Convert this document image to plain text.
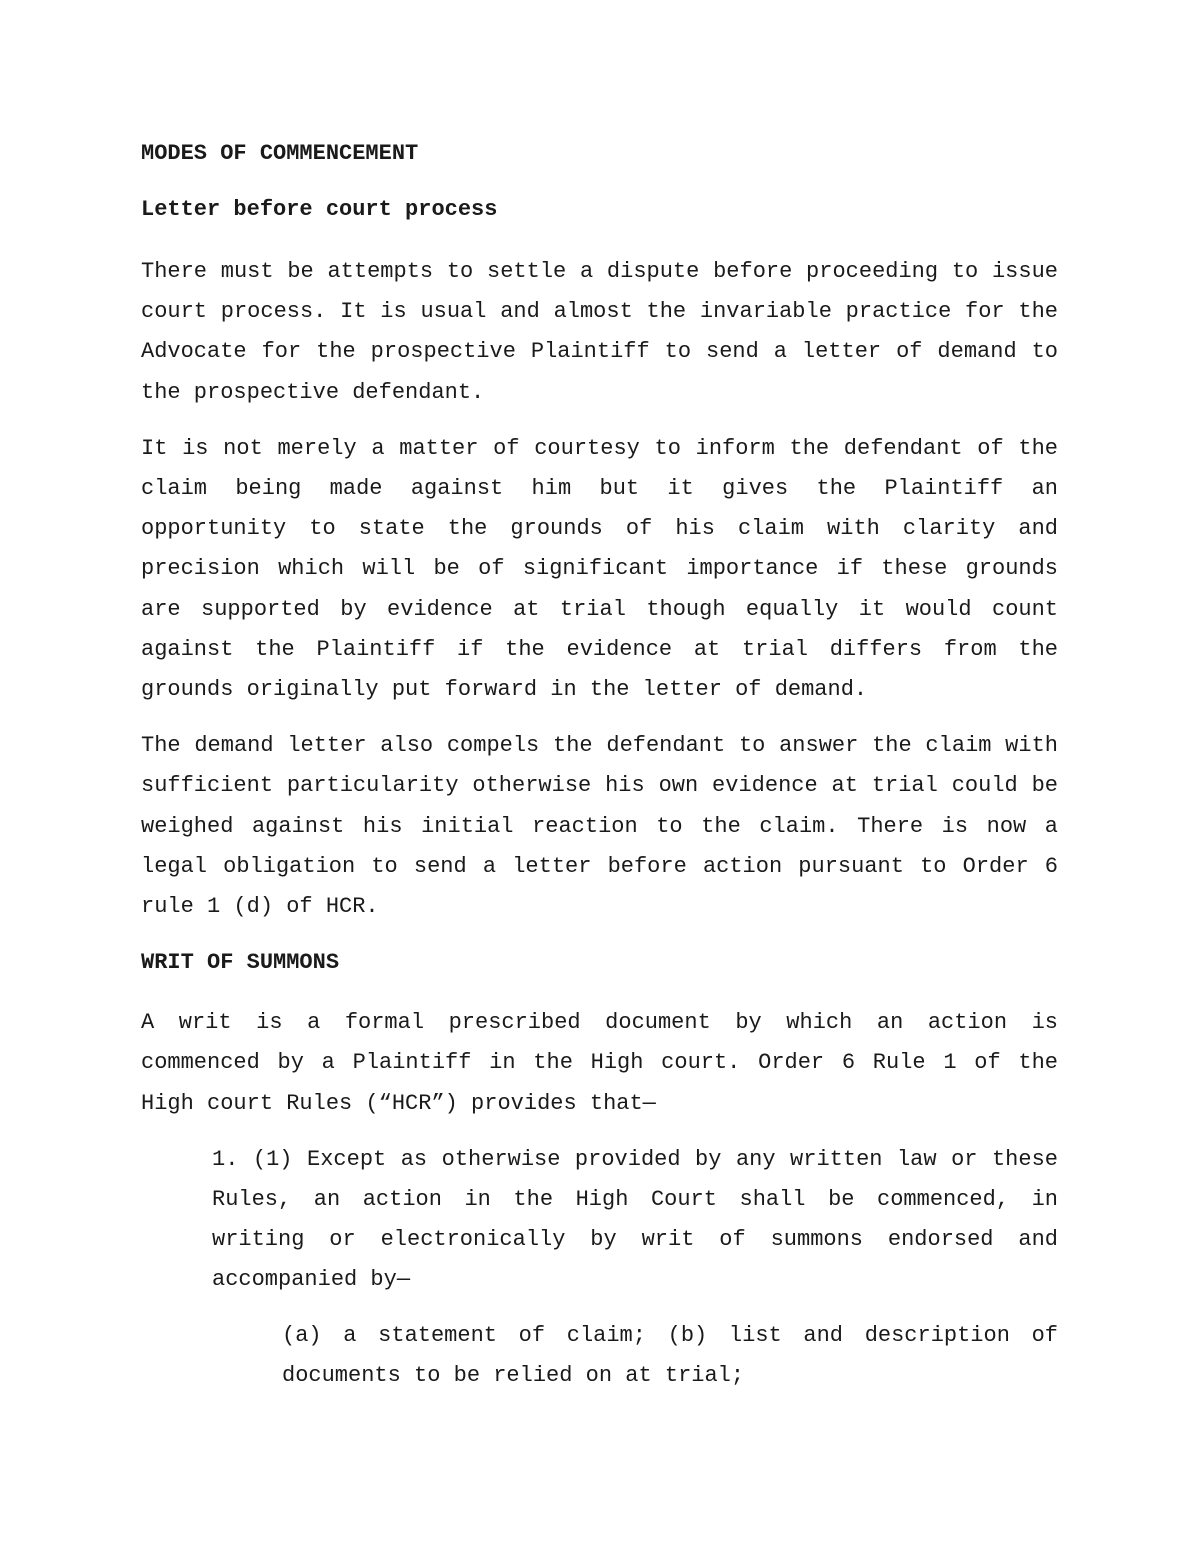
MODES OF COMMENCEMENT

Letter before court process

There must be attempts to settle a dispute before proceeding to issue court process. It is usual and almost the invariable practice for the Advocate for the prospective Plaintiff to send a letter of demand to the prospective defendant.

It is not merely a matter of courtesy to inform the defendant of the claim being made against him but it gives the Plaintiff an opportunity to state the grounds of his claim with clarity and precision which will be of significant importance if these grounds are supported by evidence at trial though equally it would count against the Plaintiff if the evidence at trial differs from the grounds originally put forward in the letter of demand.

The demand letter also compels the defendant to answer the claim with sufficient particularity otherwise his own evidence at trial could be weighed against his initial reaction to the claim. There is now a legal obligation to send a letter before action pursuant to Order 6 rule 1 (d) of HCR.

WRIT OF SUMMONS

A writ is a formal prescribed document by which an action is commenced by a Plaintiff in the High court. Order 6 Rule 1 of the High court Rules (“HCR”) provides that—

1. (1) Except as otherwise provided by any written law or these Rules, an action in the High Court shall be commenced, in writing or electronically by writ of summons endorsed and accompanied by—

(a) a statement of claim; (b) list and description of documents to be relied on at trial;
